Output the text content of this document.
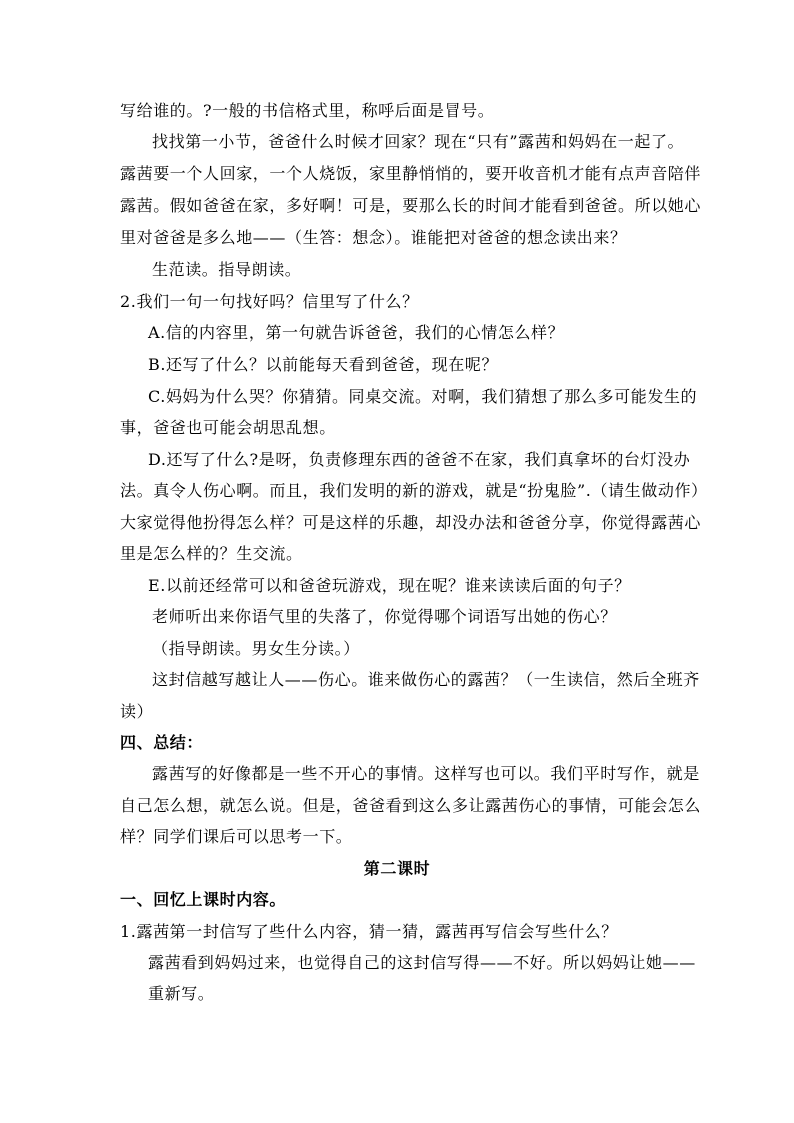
写给谁的。?一般的书信格式里，称呼后面是冒号。
找找第一小节，爸爸什么时候才回家？现在“只有”露茜和妈妈在一起了。
露茜要一个人回家，一个人烧饭，家里静悄悄的，要开收音机才能有点声音陪伴
露茜。假如爸爸在家，多好啊！可是，要那么长的时间才能看到爸爸。所以她心
里对爸爸是多么地——（生答：想念）。谁能把对爸爸的想念读出来？
生范读。指导朗读。
2.我们一句一句找好吗？信里写了什么？
A.信的内容里，第一句就告诉爸爸，我们的心情怎么样？
B.还写了什么？以前能每天看到爸爸，现在呢？
C.妈妈为什么哭？你猜猜。同桌交流。对啊，我们猜想了那么多可能发生的
事，爸爸也可能会胡思乱想。
D.还写了什么?是呀，负责修理东西的爸爸不在家，我们真拿坏的台灯没办
法。真令人伤心啊。而且，我们发明的新的游戏，就是“扮鬼脸”.（请生做动作）
大家觉得他扮得怎么样？可是这样的乐趣，却没办法和爸爸分享，你觉得露茜心
里是怎么样的？生交流。
E.以前还经常可以和爸爸玩游戏，现在呢？谁来读读后面的句子？
老师听出来你语气里的失落了，你觉得哪个词语写出她的伤心？
（指导朗读。男女生分读。）
这封信越写越让人——伤心。谁来做伤心的露茜？（一生读信，然后全班齐
读）
四、总结：
露茜写的好像都是一些不开心的事情。这样写也可以。我们平时写作，就是
自己怎么想，就怎么说。但是，爸爸看到这么多让露茜伤心的事情，可能会怎么
样？同学们课后可以思考一下。
第二课时
一、回忆上课时内容。
1.露茜第一封信写了些什么内容，猜一猜，露茜再写信会写些什么？
露茜看到妈妈过来，也觉得自己的这封信写得——不好。所以妈妈让她——
重新写。
